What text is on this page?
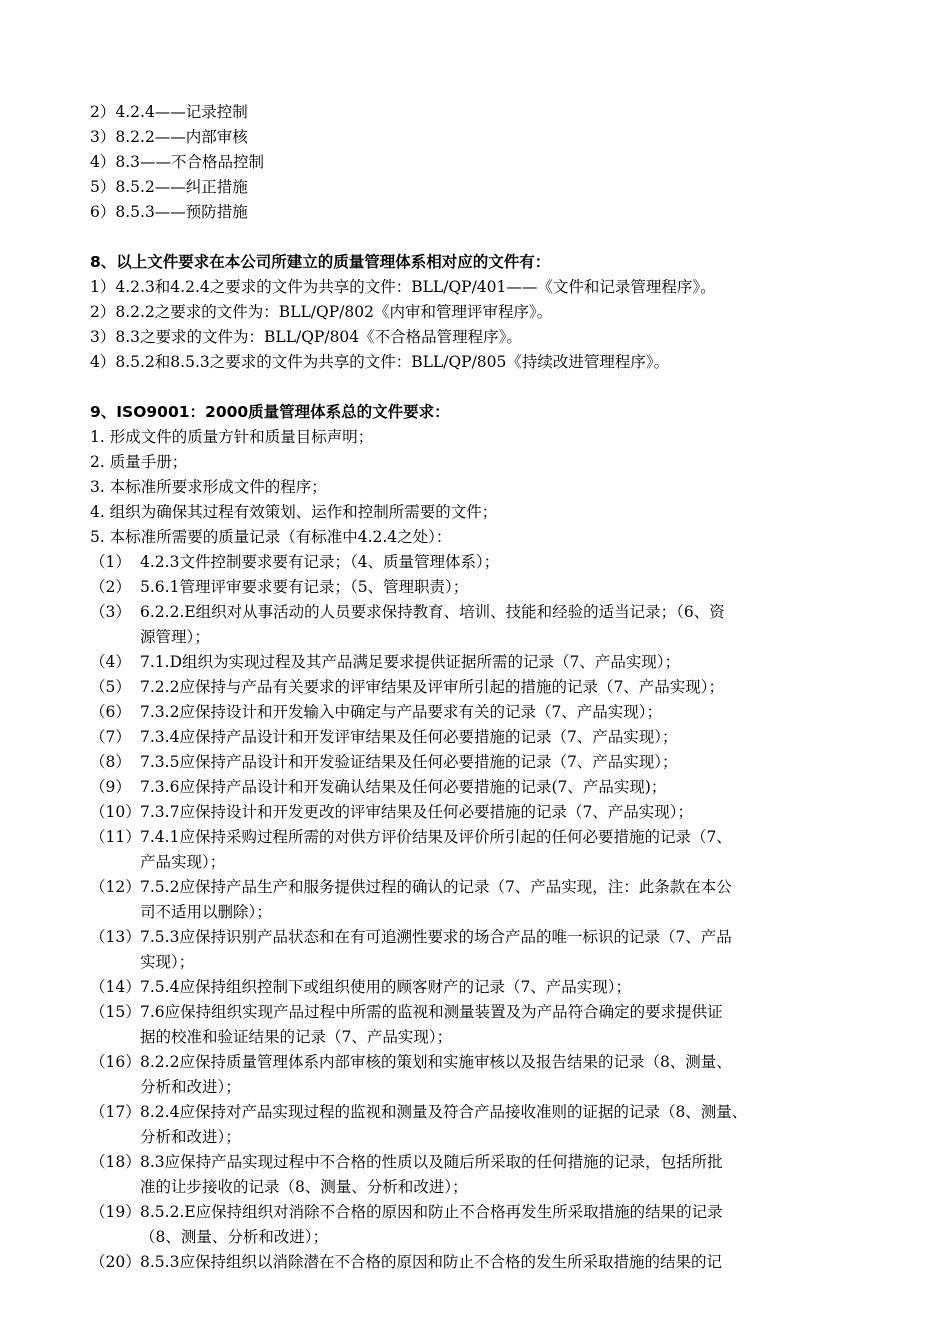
2）4.2.4——记录控制
3）8.2.2——内部审核
4）8.3——不合格品控制
5）8.5.2——纠正措施
6）8.5.3——预防措施
8、以上文件要求在本公司所建立的质量管理体系相对应的文件有：
1）4.2.3和4.2.4之要求的文件为共享的文件：BLL/QP/401——《文件和记录管理程序》。
2）8.2.2之要求的文件为：BLL/QP/802《内审和管理评审程序》。
3）8.3之要求的文件为：BLL/QP/804《不合格品管理程序》。
4）8.5.2和8.5.3之要求的文件为共享的文件：BLL/QP/805《持续改进管理程序》。
9、ISO9001：2000质量管理体系总的文件要求：
1. 形成文件的质量方针和质量目标声明；
2. 质量手册；
3. 本标准所要求形成文件的程序；
4. 组织为确保其过程有效策划、运作和控制所需要的文件；
5. 本标准所需要的质量记录（有标准中4.2.4之处）：
（1） 4.2.3文件控制要求要有记录；（4、质量管理体系）；
（2） 5.6.1管理评审要求要有记录；（5、管理职责）；
（3） 6.2.2.E组织对从事活动的人员要求保持教育、培训、技能和经验的适当记录；（6、资
源管理）；
（4） 7.1.D组织为实现过程及其产品满足要求提供证据所需的记录（7、产品实现）；
（5） 7.2.2应保持与产品有关要求的评审结果及评审所引起的措施的记录（7、产品实现）；
（6） 7.3.2应保持设计和开发输入中确定与产品要求有关的记录（7、产品实现）；
（7） 7.3.4应保持产品设计和开发评审结果及任何必要措施的记录（7、产品实现）；
（8） 7.3.5应保持产品设计和开发验证结果及任何必要措施的记录（7、产品实现）；
（9） 7.3.6应保持产品设计和开发确认结果及任何必要措施的记录(7、产品实现)；
（10） 7.3.7应保持设计和开发更改的评审结果及任何必要措施的记录（7、产品实现）；
（11） 7.4.1应保持采购过程所需的对供方评价结果及评价所引起的任何必要措施的记录（7、
产品实现）；
（12） 7.5.2应保持产品生产和服务提供过程的确认的记录（7、产品实现，注：此条款在本公
司不适用以删除）；
（13） 7.5.3应保持识别产品状态和在有可追溯性要求的场合产品的唯一标识的记录（7、产品
实现）；
（14） 7.5.4应保持组织控制下或组织使用的顾客财产的记录（7、产品实现）；
（15） 7.6应保持组织实现产品过程中所需的监视和测量装置及为产品符合确定的要求提供证
据的校准和验证结果的记录（7、产品实现）；
（16） 8.2.2应保持质量管理体系内部审核的策划和实施审核以及报告结果的记录（8、测量、
分析和改进）；
（17） 8.2.4应保持对产品实现过程的监视和测量及符合产品接收准则的证据的记录（8、测量、
分析和改进）；
（18） 8.3应保持产品实现过程中不合格的性质以及随后所采取的任何措施的记录，包括所批
准的让步接收的记录（8、测量、分析和改进）；
（19） 8.5.2.E应保持组织对消除不合格的原因和防止不合格再发生所采取措施的结果的记录
（8、测量、分析和改进）；
（20） 8.5.3应保持组织以消除潜在不合格的原因和防止不合格的发生所采取措施的结果的记
